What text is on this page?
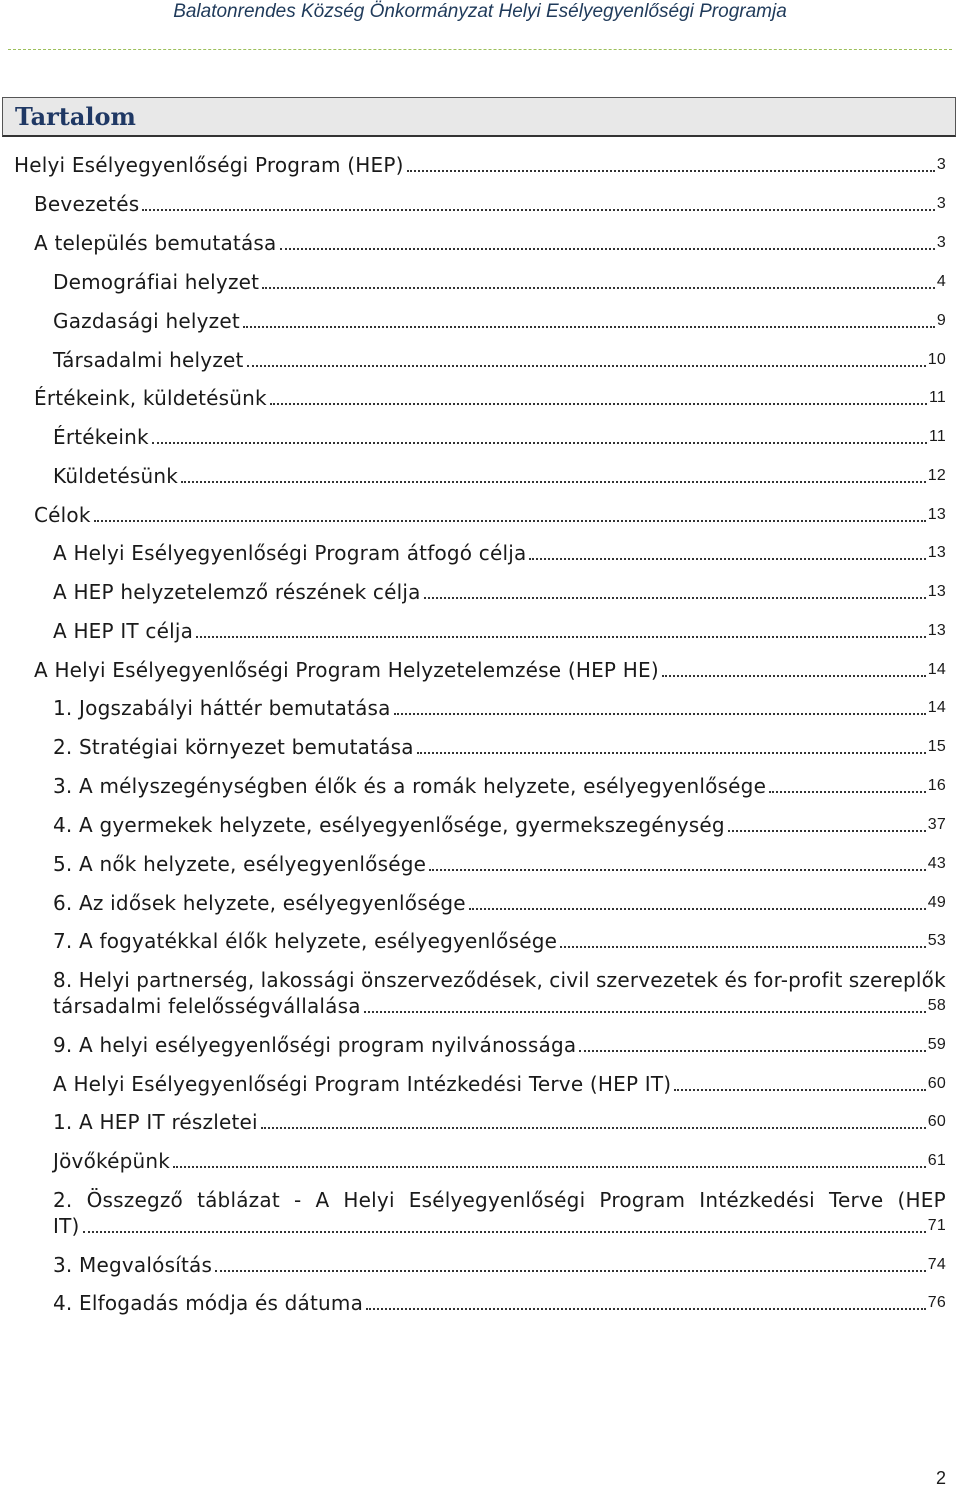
Balatonrendes Község Önkormányzat Helyi Esélyegyenlőségi Programja
Tartalom
Helyi Esélyegyenlőségi Program (HEP)	3
Bevezetés	3
A település bemutatása	3
Demográfiai helyzet	4
Gazdasági helyzet	9
Társadalmi helyzet	10
Értékeink, küldetésünk	11
Értékeink	11
Küldetésünk	12
Célok	13
A Helyi Esélyegyenlőségi Program átfogó célja	13
A HEP helyzetelemző részének célja	13
A HEP IT célja	13
A Helyi Esélyegyenlőségi Program Helyzetelemzése (HEP HE)	14
1. Jogszabályi háttér bemutatása	14
2. Stratégiai környezet bemutatása	15
3. A mélyszegénységben élők és a romák helyzete, esélyegyenlősége	16
4. A gyermekek helyzete, esélyegyenlősége, gyermekszegénység	37
5. A nők helyzete, esélyegyenlősége	43
6. Az idősek helyzete, esélyegyenlősége	49
7. A fogyatékkal élők helyzete, esélyegyenlősége	53
8. Helyi partnerség, lakossági önszerveződések, civil szervezetek és for-profit szereplők
társadalmi felelősségvállalása	58
9. A helyi esélyegyenlőségi program nyilvánossága	59
A Helyi Esélyegyenlőségi Program Intézkedési Terve (HEP IT)	60
1. A HEP IT részletei	60
Jövőképünk	61
2. Összegző táblázat - A Helyi Esélyegyenlőségi Program Intézkedési Terve (HEP
IT)	71
3. Megvalósítás	74
4. Elfogadás módja és dátuma	76
2
